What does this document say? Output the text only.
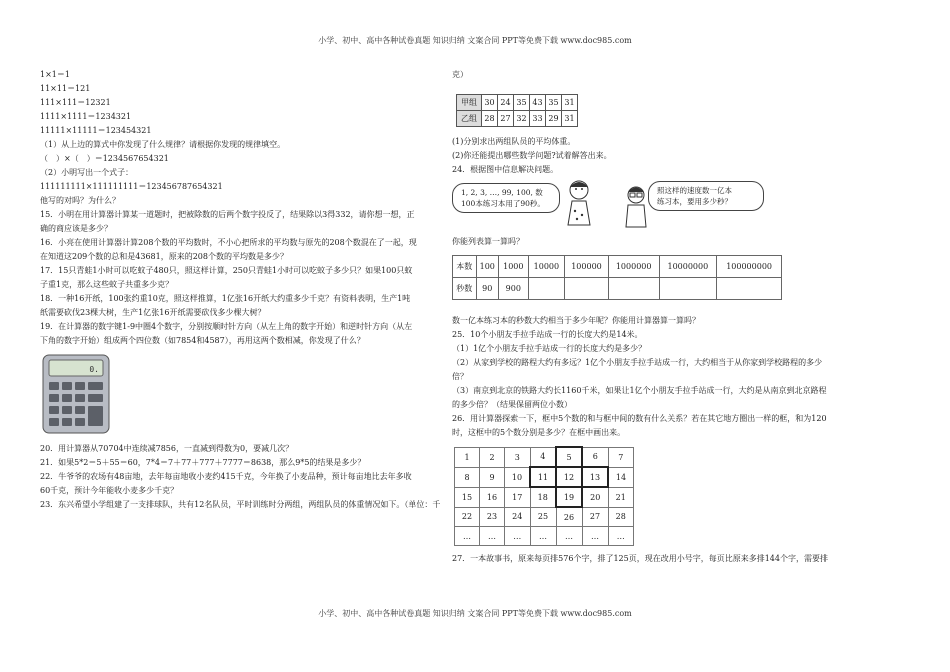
小学、初中、高中各种试卷真题 知识归纳 文案合同 PPT等免费下载 www.doc985.com
小学、初中、高中各种试卷真题 知识归纳 文案合同 PPT等免费下载 www.doc985.com

1×1＝1

11×11＝121

111×111＝12321

1111×1111＝1234321

11111×11111＝123454321

（1）从上边的算式中你发现了什么规律？请根据你发现的规律填空。

（　）×（　）＝12345676543​21

（2）小明写出一个式子：

111111111×111111111＝123456787654321

他写的对吗？为什么？

15．小明在用计算器计算某一道题时，把被除数的后两个数字投反了，结果除以3得332，请你想一想，正

确的商应该是多少？

16．小亮在使用计算器计算208个数的平均数时，不小心把所求的平均数与原先的208个数混在了一起，现

在知道这209个数的总和是43681，原来的208个数的平均数是多少？

17．15只青蛙1小时可以吃蚊子480只，照这样计算，250只青蛙1小时可以吃蚊子多少只？如果100只蚊

子重1克，那么这些蚊子共重多少克？

18．一种16开纸，100张约重10克，照这样推算，1亿张16开纸大约重多少千克？有资料表明，生产1吨

纸需要砍伐23棵大树，生产1亿张16开纸需要砍伐多少棵大树？

19．在计算器的数字键1-9中圈4个数字，分别按顺时针方向（从左上角的数字开始）和逆时针方向（从左

下角的数字开始）组成两个四位数（如7854和4587），再用这两个数相减，你发现了什么？

0.

20．用计算器从70704中连续减7856，一直减到得数为0，要减几次？

21．如果5*2＝5＋55＝60，7*4＝7＋77＋777＋7777＝8638，那么9*5的结果是多少？

22．牛爷爷的农场有48亩地，去年每亩地收小麦约415千克，今年换了小麦品种，预计每亩地比去年多收

60千克，预计今年能收小麦多少千克？

23．东兴希望小学组建了一支排球队，共有12名队员，平时训练时分两组，两组队员的体重情况如下。（单位：千

克）

甲组	30	24	35	43	35	31
乙组	28	27	32	33	29	31

(1)分别求出两组队员的平均体重。

(2)你还能提出哪些数学问题?试着解答出来。

24．根据图中信息解决问题。

1, 2, 3, …, 99, 100, 数
100本练习本用了90秒。
照这样的速度数一亿本
练习本，要用多少秒？

你能列表算一算吗？

本数	100	1000	10000	100000	1000000	10000000	100000000
秒数	90	900					

数一亿本练习本的秒数大约相当于多少年呢？你能用计算器算一算吗？

25．10个小朋友手拉手站成一行的长度大约是14米。

（1）1亿个小朋友手拉手站成一行的长度大约是多少？

（2）从家到学校的路程大约有多远？1亿个小朋友手拉手站成一行，大约相当于从你家到学校路程的多少

倍？

（3）南京到北京的铁路大约长1160千米，如果让1亿个小朋友手拉手站成一行，大约是从南京到北京路程

的多少倍？（结果保留两位小数）

26．用计算器探索一下，框中5个数的和与框中间的数有什么关系？若在其它地方圈出一样的框，和为120

时，这框中的5个数分别是多少？在框中画出来。

1	2	3	4	5	6	7
8	9	10	11	12	13	14
15	16	17	18	19	20	21
22	23	24	25	26	27	28
…	…	…	…	…	…	…

27．一本故事书，原来每页排576个字，排了125页，现在改用小号字，每页比原来多排144个字，需要排
